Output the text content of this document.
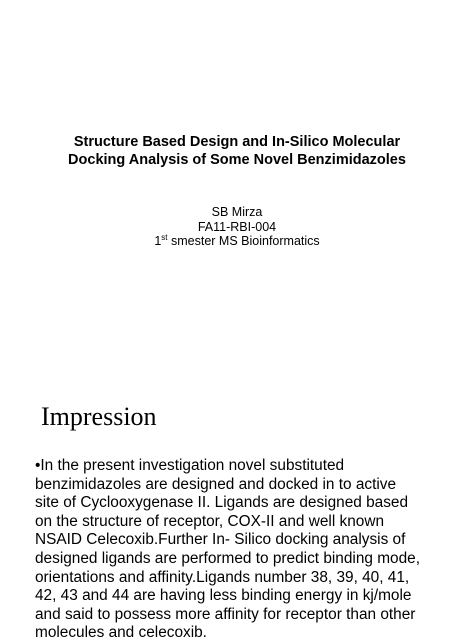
Structure Based Design and In-Silico Molecular
Docking Analysis of Some Novel Benzimidazoles
SB Mirza
FA11-RBI-004
1st smester MS Bioinformatics
Impression
•In the present investigation novel substituted
benzimidazoles are designed and docked in to active
site of Cyclooxygenase II. Ligands are designed based
on the structure of receptor, COX-II and well known
NSAID Celecoxib.Further In- Silico docking analysis of
designed ligands are performed to predict binding mode,
orientations and affinity.Ligands number 38, 39, 40, 41,
42, 43 and 44 are having less binding energy in kj/mole
and said to possess more affinity for receptor than other
molecules and celecoxib.
